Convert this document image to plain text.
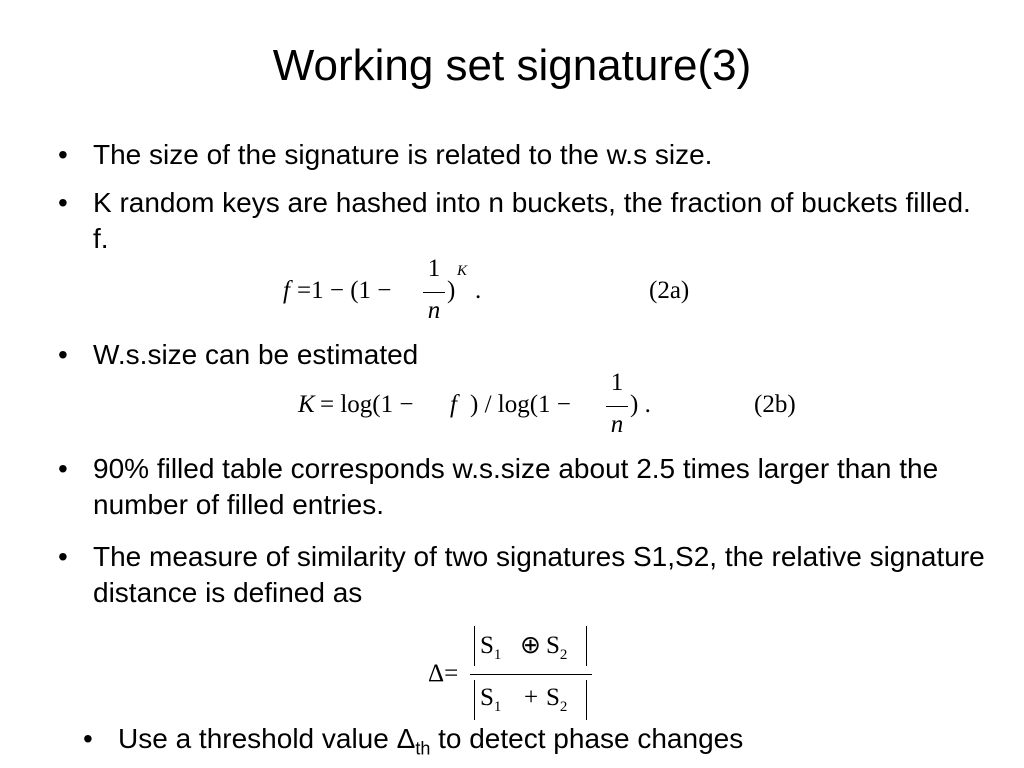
Working set signature(3)
• The size of the signature is related to the w.s size.
• K random keys are hashed into n buckets, the fraction of buckets filled. f.
f =1 − (1 −
1
n
)
K
.	(2a)
• W.s.size can be estimated
K = log(1 − f ) / log(1 −
1
n
) .	(2b)
• 90% filled table corresponds w.s.size about 2.5 times larger than the number of filled entries.
• The measure of similarity of two signatures S1,S2, the relative signature distance is defined as
Δ=
$S_1$ ⊕ $S_2$
$S_1 + S_2$
• Use a threshold value $\Delta_{th}$ to detect phase changes
